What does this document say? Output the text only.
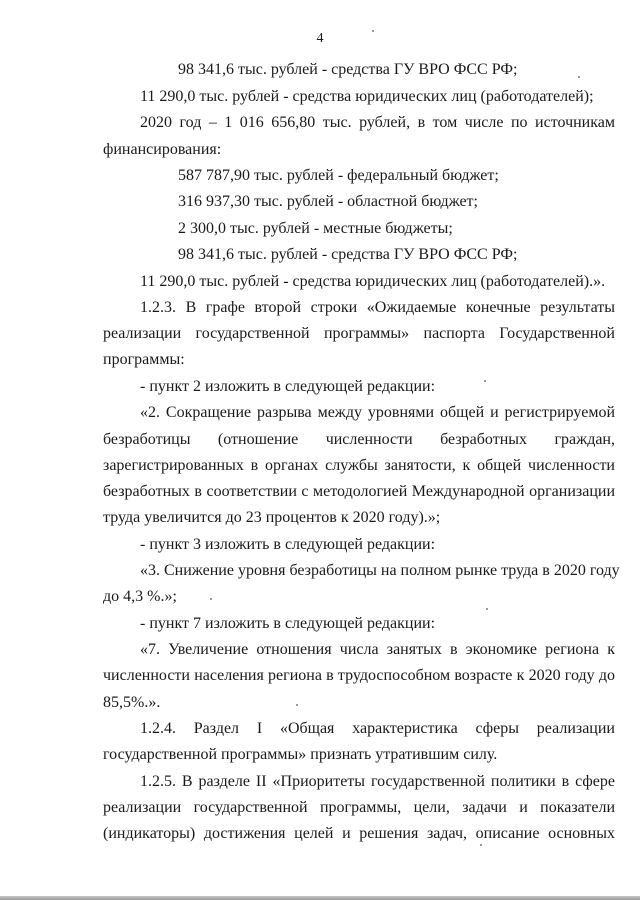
4
98 341,6 тыс. рублей - средства ГУ ВРО ФСС РФ;
11 290,0 тыс. рублей - средства юридических лиц (работодателей);
2020 год – 1 016 656,80 тыс. рублей, в том числе по источникам
финансирования:
587 787,90 тыс. рублей - федеральный бюджет;
316 937,30 тыс. рублей - областной бюджет;
2 300,0 тыс. рублей - местные бюджеты;
98 341,6 тыс. рублей - средства ГУ ВРО ФСС РФ;
11 290,0 тыс. рублей - средства юридических лиц (работодателей).».
1.2.3. В графе второй строки «Ожидаемые конечные результаты
реализации государственной программы» паспорта Государственной
программы:
- пункт 2 изложить в следующей редакции:
«2. Сокращение разрыва между уровнями общей и регистрируемой
безработицы (отношение численности безработных граждан,
зарегистрированных в органах службы занятости, к общей численности
безработных в соответствии с методологией Международной организации
труда увеличится до 23 процентов к 2020 году).»;
- пункт 3 изложить в следующей редакции:
«3. Снижение уровня безработицы на полном рынке труда в 2020 году
до 4,3 %.»;
- пункт 7 изложить в следующей редакции:
«7. Увеличение отношения числа занятых в экономике региона к
численности населения региона в трудоспособном возрасте к 2020 году до
85,5%.».
1.2.4. Раздел I «Общая характеристика сферы реализации
государственной программы» признать утратившим силу.
1.2.5. В разделе II «Приоритеты государственной политики в сфере
реализации государственной программы, цели, задачи и показатели
(индикаторы) достижения целей и решения задач, описание основных
